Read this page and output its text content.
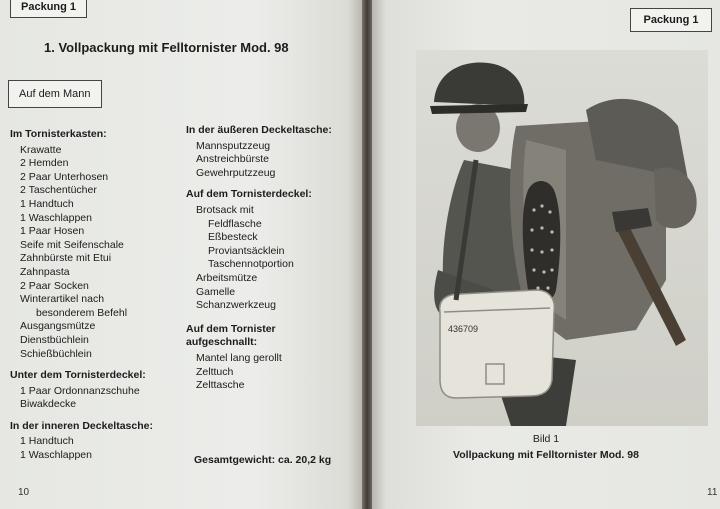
Packung 1
1. Vollpackung mit Felltornister Mod. 98
Auf dem Mann
Im Tornisterkasten:
Krawatte
2 Hemden
2 Paar Unterhosen
2 Taschentücher
1 Handtuch
1 Waschlappen
1 Paar Hosen
Seife mit Seifenschale
Zahnbürste mit Etui
Zahnpasta
2 Paar Socken
Winterartikel nach
besonderem Befehl
Ausgangsmütze
Dienstbüchlein
Schießbüchlein
Unter dem Tornisterdeckel:
1 Paar Ordonnanzschuhe
Biwakdecke
In der inneren Deckeltasche:
1 Handtuch
1 Waschlappen
In der äußeren Deckeltasche:
Mannsputzzeug
Anstreichbürste
Gewehrputzzeug
Auf dem Tornisterdeckel:
Brotsack mit
Feldflasche
Eßbesteck
Proviantsäcklein
Taschennotportion
Arbeitsmütze
Gamelle
Schanzwerkzeug
Auf dem Tornister
aufgeschnallt:
Mantel lang gerollt
Zelttuch
Zelttasche
Gesamtgewicht: ca. 20,2 kg
10
Packung 1
436709
Bild 1
Vollpackung mit Felltornister Mod. 98
11
